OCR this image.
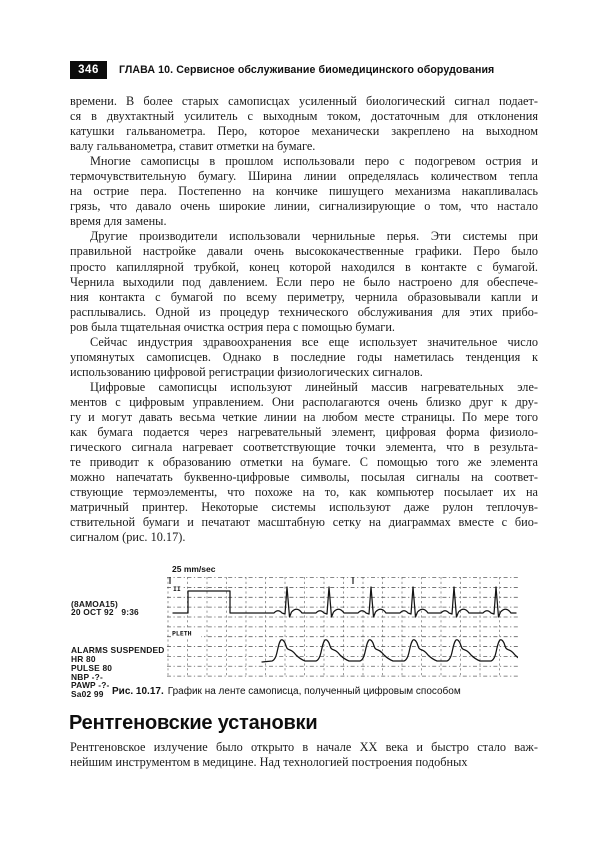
346	ГЛАВА 10. Сервисное обслуживание биомедицинского оборудования
времени. В более старых самописцах усиленный биологический сигнал подает-
ся в двухтактный усилитель с выходным током, достаточным для отклонения
катушки гальванометра. Перо, которое механически закреплено на выходном
валу гальванометра, ставит отметки на бумаге.
Многие самописцы в прошлом использовали перо с подогревом острия и
термочувствительную бумагу. Ширина линии определялась количеством тепла
на острие пера. Постепенно на кончике пишущего механизма накапливалась
грязь, что давало очень широкие линии, сигнализирующие о том, что настало
время для замены.
Другие производители использовали чернильные перья. Эти системы при
правильной настройке давали очень высококачественные графики. Перо было
просто капиллярной трубкой, конец которой находился в контакте с бумагой.
Чернила выходили под давлением. Если перо не было настроено для обеспече-
ния контакта с бумагой по всему периметру, чернила образовывали капли и
расплывались. Одной из процедур технического обслуживания для этих прибо-
ров была тщательная очистка острия пера с помощью бумаги.
Сейчас индустрия здравоохранения все еще использует значительное число
упомянутых самописцев. Однако в последние годы наметилась тенденция к
использованию цифровой регистрации физиологических сигналов.
Цифровые самописцы используют линейный массив нагревательных эле-
ментов с цифровым управлением. Они располагаются очень близко друг к дру-
гу и могут давать весьма четкие линии на любом месте страницы. По мере того
как бумага подается через нагревательный элемент, цифровая форма физиоло-
гического сигнала нагревает соответствующие точки элемента, что в результа-
те приводит к образованию отметки на бумаге. С помощью того же элемента
можно напечатать буквенно-цифровые символы, посылая сигналы на соответ-
ствующие термоэлементы, что похоже на то, как компьютер посылает их на
матричный принтер. Некоторые системы используют даже рулон теплочув-
ствительной бумаги и печатают масштабную сетку на диаграммах вместе с био-
сигналом (рис. 10.17).
25 mm/sec

(8AMOA15)
20 OCT 92   9:36

ALARMS SUSPENDED
HR 80
PULSE 80
NBP -?-
PAWP -?-
Sa02 99

II
PLETH
Рис. 10.17. График на ленте самописца, полученный цифровым способом
Рентгеновские установки
Рентгеновское излучение было открыто в начале XX века и быстро стало важ-
нейшим инструментом в медицине. Над технологией построения подобных
